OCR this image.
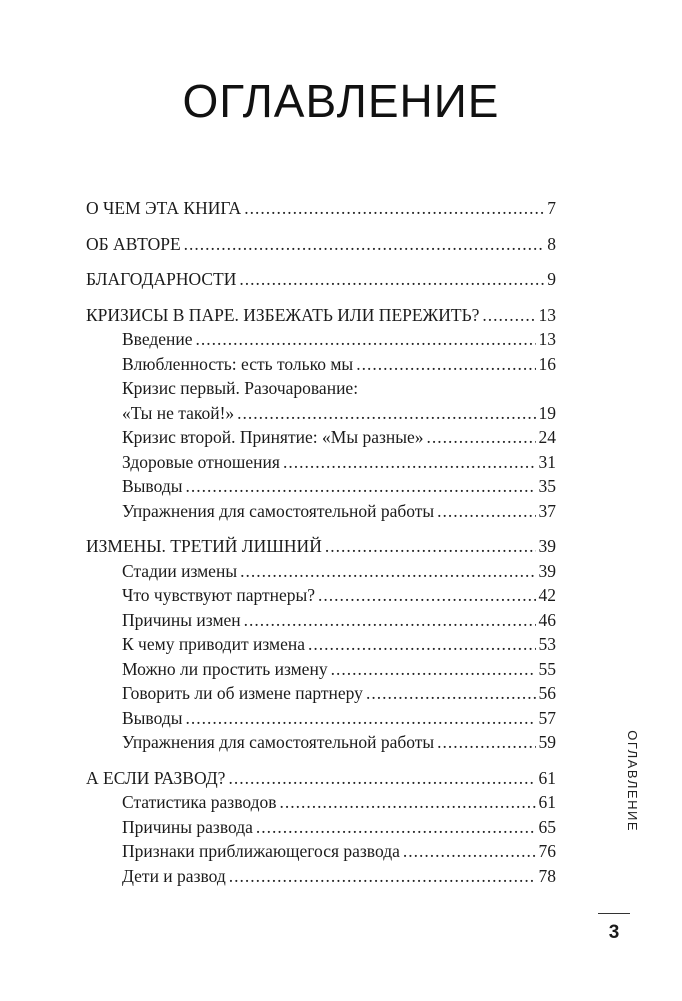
ОГЛАВЛЕНИЕ
О ЧЕМ ЭТА КНИГА .....	7
ОБ АВТОРЕ .....	8
БЛАГОДАРНОСТИ .....	9
КРИЗИСЫ В ПАРЕ. ИЗБЕЖАТЬ ИЛИ ПЕРЕЖИТЬ? .....	13
Введение .....	13
Влюбленность: есть только мы .....	16
Кризис первый. Разочарование:
«Ты не такой!» .....	19
Кризис второй. Принятие: «Мы разные» .....	24
Здоровые отношения .....	31
Выводы .....	35
Упражнения для самостоятельной работы .....	37
ИЗМЕНЫ. ТРЕТИЙ ЛИШНИЙ .....	39
Стадии измены .....	39
Что чувствуют партнеры? .....	42
Причины измен .....	46
К чему приводит измена .....	53
Можно ли простить измену .....	55
Говорить ли об измене партнеру .....	56
Выводы .....	57
Упражнения для самостоятельной работы .....	59
А ЕСЛИ РАЗВОД? .....	61
Статистика разводов .....	61
Причины развода .....	65
Признаки приближающегося развода .....	76
Дети и развод .....	78
ОГЛАВЛЕНИЕ
3
